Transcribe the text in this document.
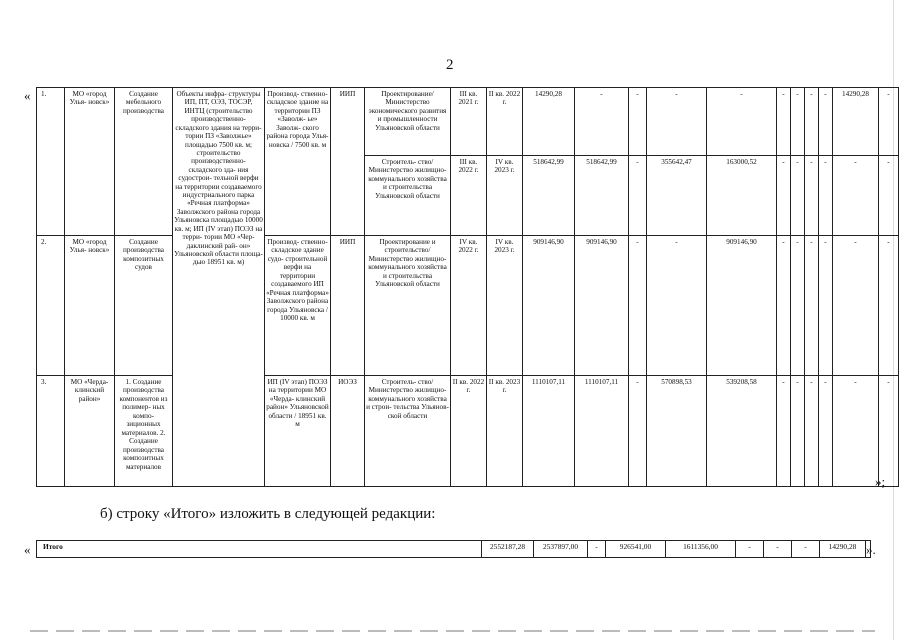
2
« 1.	МО «город Улья- новск»	Создание мебельного производства	Объекты инфра- структуры ИП, ПТ, ОЭЗ, ТОСЭР, ИНТЦ (строительство производственно- складского здания на терри- тории ПЗ «Заволжье» площадью 7500 кв. м; строительство производственно- складского зда- ния судострои- тельной верфи на территории создаваемого индустриального парка «Речная платформа» Заволжского района города Ульяновска площадью 10000 кв. м; ИП (IV этап) ПОЭЗ на терри- тории МО «Чер- даклинский рай- он» Ульяновской области площа- дью 18951 кв. м)	Производ- ственно- складское здание на территории ПЗ «Заволж- ье» Заволж- ского района города Улья- новска / 7500 кв. м	ИИП	Проектирование/ Министерство экономического развития и промышленности Ульяновской области	III кв. 2021 г.	II кв. 2022 г.	14290,28	-	-	-	-	-	-	-	-	14290,28	-
						Строитель- ство/Министерство жилищно- коммунального хозяйства и строительства Ульяновской области	III кв. 2022 г.	IV кв. 2023 г.	518642,99	518642,99	-	355642,47	163000,52	-	-	-	-	-	-
2.	МО «город Улья- новск»	Создание производства композитных судов		Производ- ственно- складское здание судо- строительной верфи на территории создаваемого ИП «Речная платформа» Заволжского района города Ульяновска / 10000 кв. м	ИИП	Проектирование и строительство/ Министерство жилищно- коммунального хозяйства и строительства Ульяновской области	IV кв. 2022 г.	IV кв. 2023 г.	909146,90	909146,90	-	-	909146,90	-	-	-	-	-	-
3.	МО «Черда- клинский район»	1. Создание производства компонентов из полимер- ных компо- зиционных материалов. 2. Создание производства композитных материалов		ИП (IV этап) ПОЭЗ на территории МО «Черда- клинский район» Ульяновской области / 18951 кв. м	ИОЭЗ	Строитель- ство/Министерство жилищно- коммунального хозяйства и строи- тельства Ульянов- ской области	II кв. 2022 г.	II кв. 2023 г.	1110107,11	1110107,11	-	570898,53	539208,58	-	-	-	-	-	-
»;
б) строку «Итого» изложить в следующей редакции:
« Итого	2552187,28	2537897,00	-	926541,00	1611356,00	-	-	-	14290,28	».
